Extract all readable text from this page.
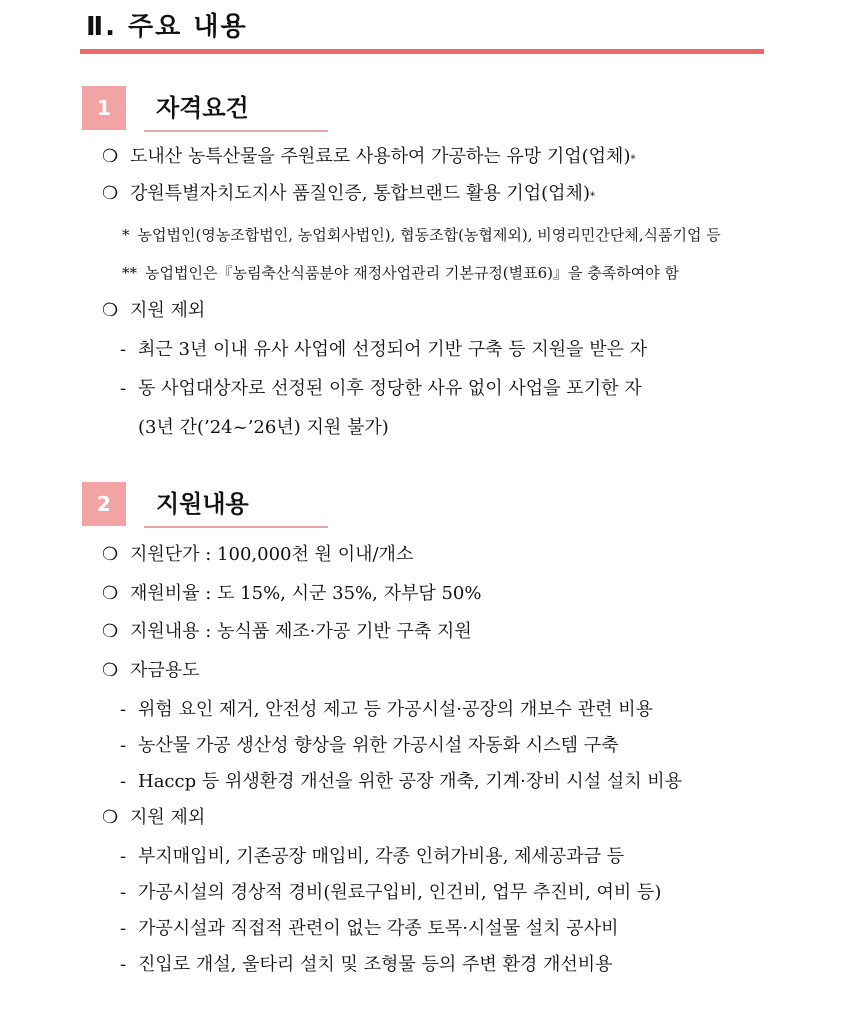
Ⅱ. 주요 내용
1	자격요건
❍ 도내산 농특산물을 주원료로 사용하여 가공하는 유망 기업(업체) *
❍ 강원특별자치도지사 품질인증, 통합브랜드 활용 기업(업체) *
* 농업법인(영농조합법인, 농업회사법인), 협동조합(농협제외), 비영리민간단체,식품기업 등
** 농업법인은『농림축산식품분야 재정사업관리 기본규정(별표6)』을 충족하여야 함
❍ 지원 제외
- 최근 3년 이내 유사 사업에 선정되어 기반 구축 등 지원을 받은 자
- 동 사업대상자로 선정된 이후 정당한 사유 없이 사업을 포기한 자
(3년 간(’24~’26년) 지원 불가)
2	지원내용
❍ 지원단가 : 100,000천 원 이내/개소
❍ 재원비율 : 도 15%, 시군 35%, 자부담 50%
❍ 지원내용 : 농식품 제조·가공 기반 구축 지원
❍ 자금용도
- 위험 요인 제거, 안전성 제고 등 가공시설·공장의 개보수 관련 비용
- 농산물 가공 생산성 향상을 위한 가공시설 자동화 시스템 구축
- Haccp 등 위생환경 개선을 위한 공장 개축, 기계·장비 시설 설치 비용
❍ 지원 제외
- 부지매입비, 기존공장 매입비, 각종 인허가비용, 제세공과금 등
- 가공시설의 경상적 경비(원료구입비, 인건비, 업무 추진비, 여비 등)
- 가공시설과 직접적 관련이 없는 각종 토목·시설물 설치 공사비
- 진입로 개설, 울타리 설치 및 조형물 등의 주변 환경 개선비용
